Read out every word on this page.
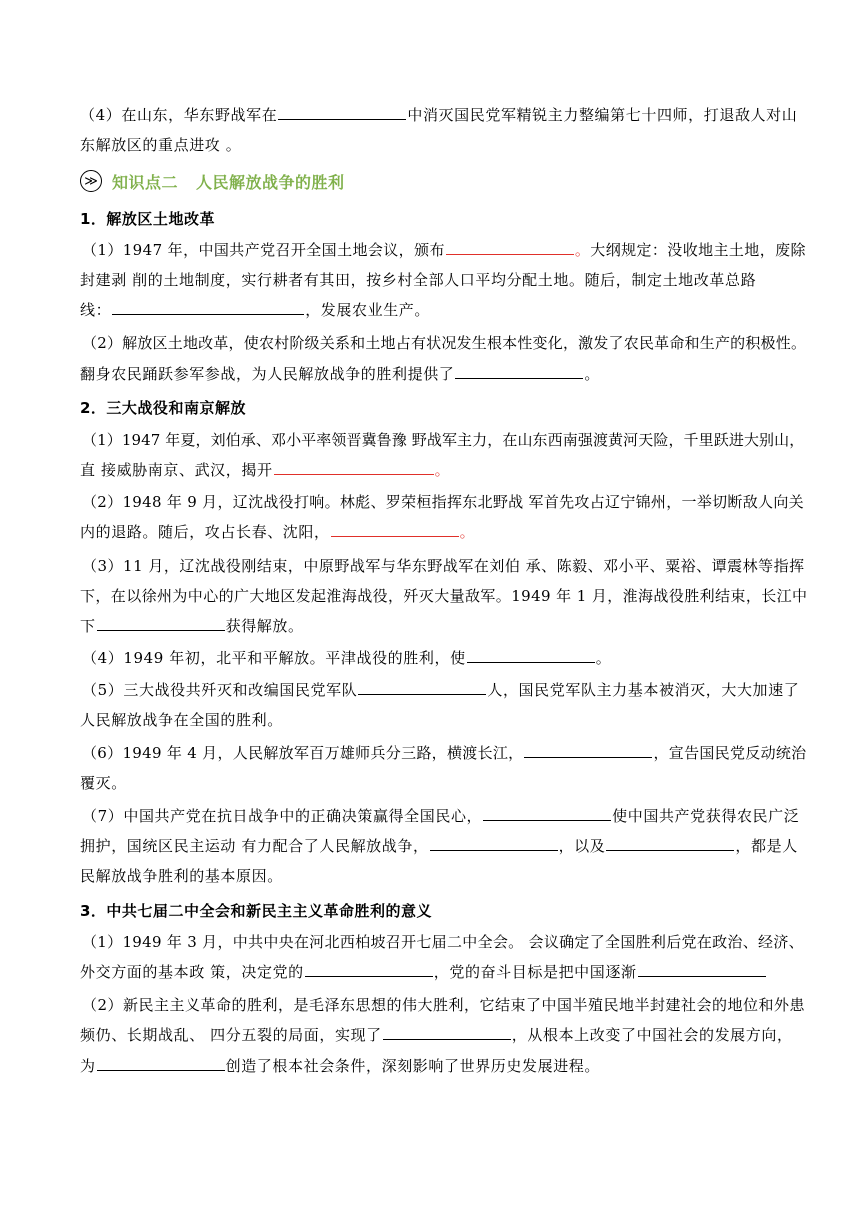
（4）在山东，华东野战军在	中消灭国民党军精锐主力整编第七十四师，打退敌人对山
东解放区的重点进攻 。
≫ 知识点二 人民解放战争的胜利
1．解放区土地改革
（1）1947 年，中国共产党召开全国土地会议，颁布	。大纲规定：没收地主土地，废除
封建剥 削的土地制度，实行耕者有其田，按乡村全部人口平均分配土地。随后，制定土地改革总路
线：	，发展农业生产。
（2）解放区土地改革，使农村阶级关系和土地占有状况发生根本性变化，激发了农民革命和生产的积极性。
翻身农民踊跃参军参战，为人民解放战争的胜利提供了	。
2．三大战役和南京解放
（1）1947 年夏，刘伯承、邓小平率领晋冀鲁豫 野战军主力，在山东西南强渡黄河天险，千里跃进大别山，
直 接威胁南京、武汉，揭开	。
（2）1948 年 9 月，辽沈战役打响。林彪、罗荣桓指挥东北野战 军首先攻占辽宁锦州，一举切断敌人向关
内的退路。随后，攻占长春、沈阳，	。
（3）11 月，辽沈战役刚结束，中原野战军与华东野战军在刘伯 承、陈毅、邓小平、粟裕、谭震林等指挥
下，在以徐州为中心的广大地区发起淮海战役，歼灭大量敌军。1949 年 1 月，淮海战役胜利结束，长江中
下	获得解放。
（4）1949 年初，北平和平解放。平津战役的胜利，使	。
（5）三大战役共歼灭和改编国民党军队	人，国民党军队主力基本被消灭，大大加速了
人民解放战争在全国的胜利。
（6）1949 年 4 月，人民解放军百万雄师兵分三路，横渡长江，	，宣告国民党反动统治
覆灭。
（7）中国共产党在抗日战争中的正确决策赢得全国民心，	使中国共产党获得农民广泛
拥护，国统区民主运动 有力配合了人民解放战争，	，以及	，都是人
民解放战争胜利的基本原因。
3．中共七届二中全会和新民主主义革命胜利的意义
（1）1949 年 3 月，中共中央在河北西柏坡召开七届二中全会。 会议确定了全国胜利后党在政治、经济、
外交方面的基本政 策，决定党的	，党的奋斗目标是把中国逐渐
（2）新民主主义革命的胜利，是毛泽东思想的伟大胜利，它结束了中国半殖民地半封建社会的地位和外患
频仍、长期战乱、 四分五裂的局面，实现了	，从根本上改变了中国社会的发展方向，
为	创造了根本社会条件，深刻影响了世界历史发展进程。
